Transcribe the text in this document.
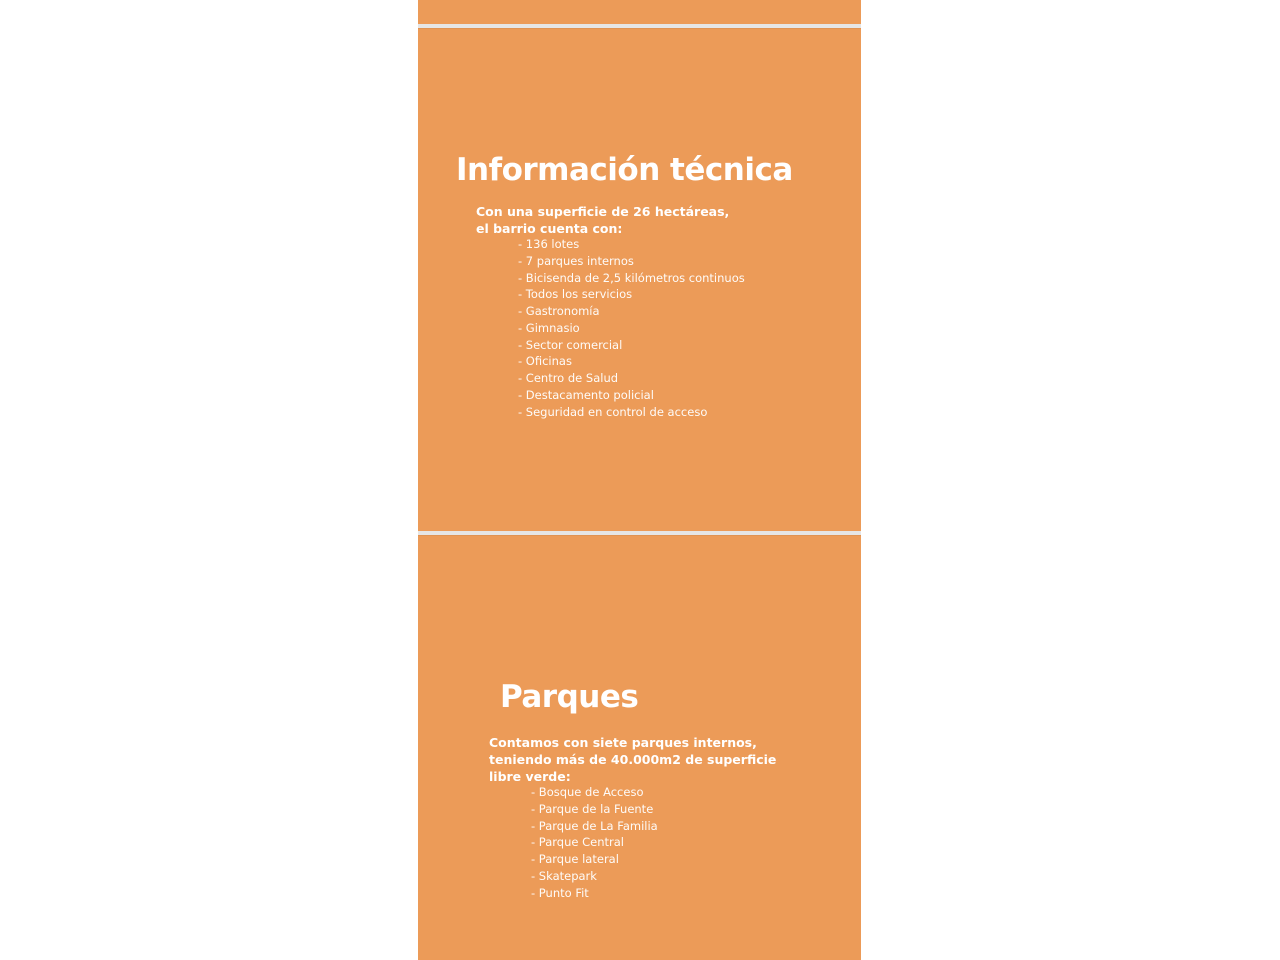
Información técnica

Con una superficie de 26 hectáreas,
el barrio cuenta con:

- 136 lotes
- 7 parques internos
- Bicisenda de 2,5 kilómetros continuos
- Todos los servicios
- Gastronomía
- Gimnasio
- Sector comercial
- Oficinas
- Centro de Salud
- Destacamento policial
- Seguridad en control de acceso
Parques

Contamos con siete parques internos,
teniendo más de 40.000m2 de superficie
libre verde:

- Bosque de Acceso
- Parque de la Fuente
- Parque de La Familia
- Parque Central
- Parque lateral
- Skatepark
- Punto Fit
